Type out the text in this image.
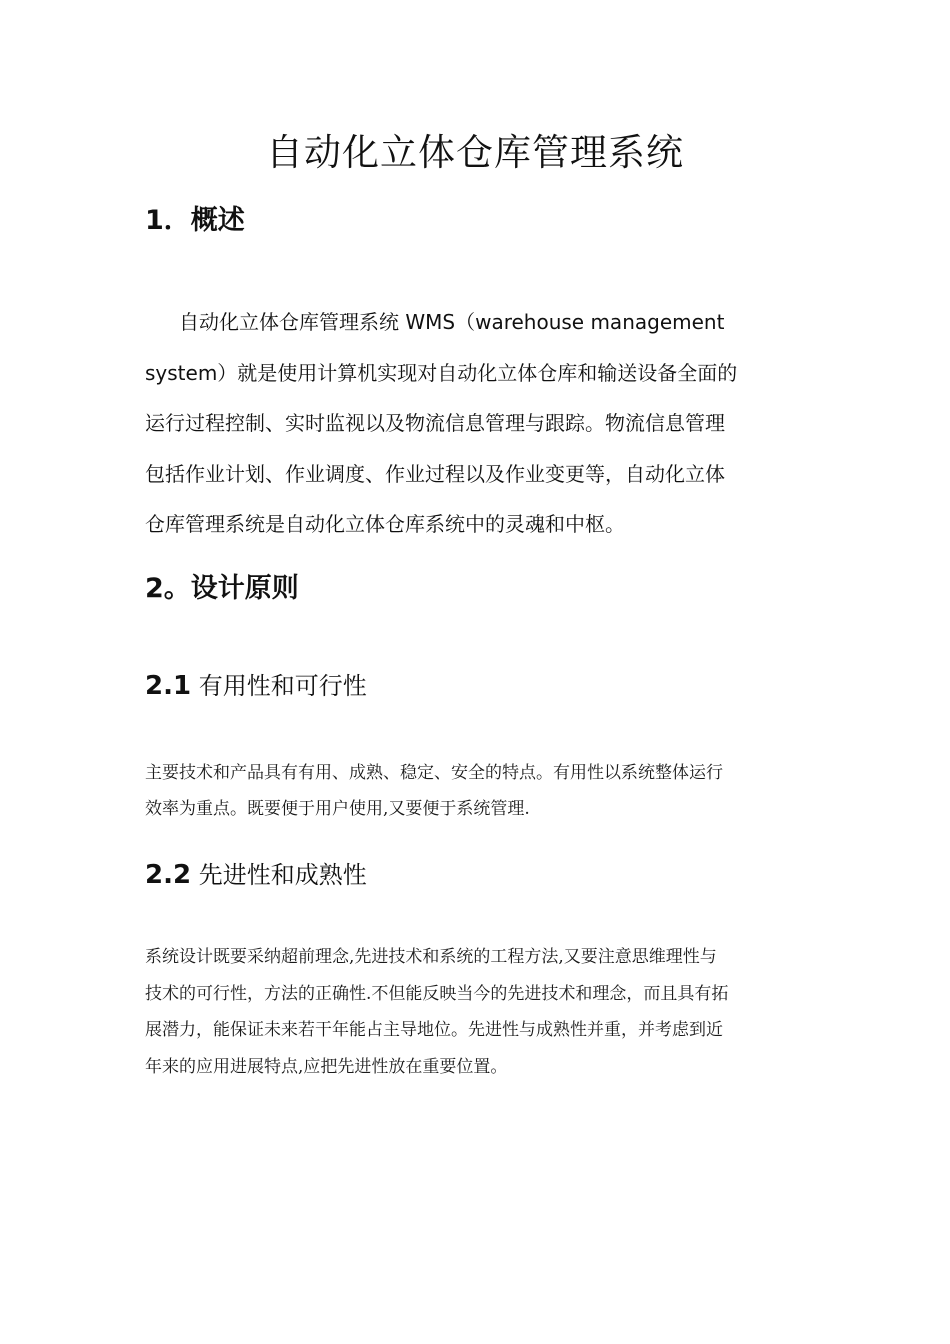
自动化立体仓库管理系统
1．概述

自动化立体仓库管理系统 WMS（warehouse management
system）就是使用计算机实现对自动化立体仓库和输送设备全面的
运行过程控制、实时监视以及物流信息管理与跟踪。物流信息管理
包括作业计划、作业调度、作业过程以及作业变更等，自动化立体
仓库管理系统是自动化立体仓库系统中的灵魂和中枢。

2。设计原则
2.1 有用性和可行性

主要技术和产品具有有用、成熟、稳定、安全的特点。有用性以系统整体运行
效率为重点。既要便于用户使用,又要便于系统管理.

2.2 先进性和成熟性

系统设计既要采纳超前理念,先进技术和系统的工程方法,又要注意思维理性与
技术的可行性，方法的正确性.不但能反映当今的先进技术和理念，而且具有拓
展潜力，能保证未来若干年能占主导地位。先进性与成熟性并重，并考虑到近
年来的应用进展特点,应把先进性放在重要位置。
